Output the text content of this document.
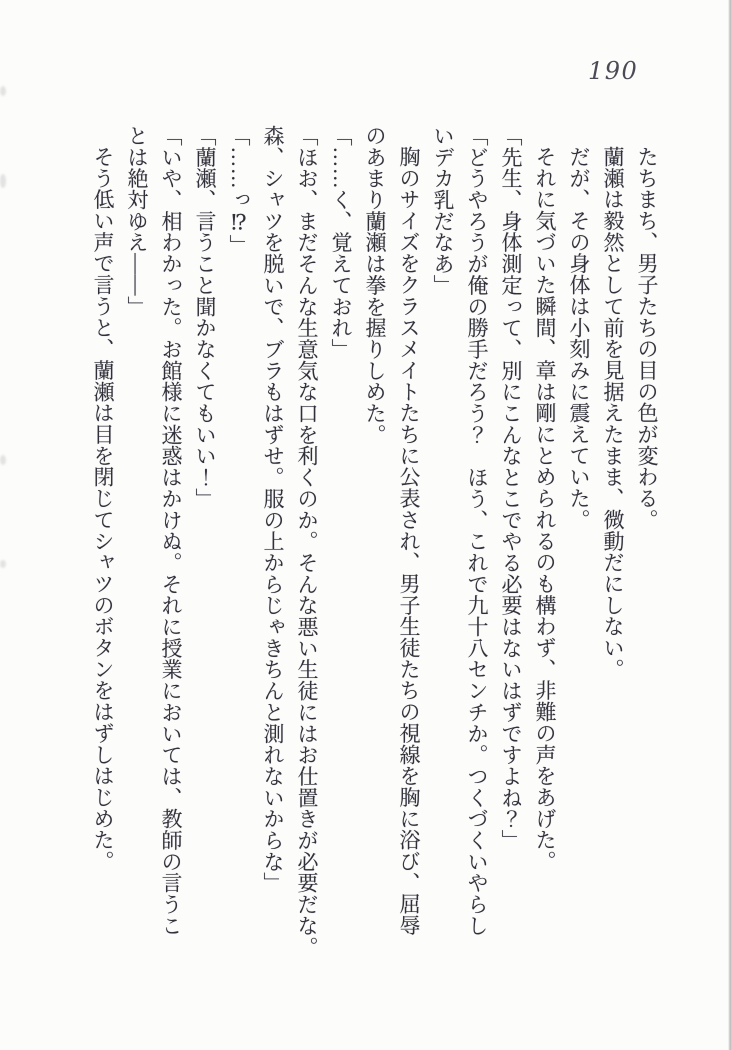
190
たちまち、男子たちの目の色が変わる。
蘭瀬は毅然として前を見据えたまま、微動だにしない。
だが、その身体は小刻みに震えていた。
それに気づいた瞬間、章は剛にとめられるのも構わず、非難の声をあげた。
「先生、身体測定って、別にこんなとこでやる必要はないはずですよね？」
「どうやろうが俺の勝手だろう？　ほう、これで九十八センチか。つくづくいやらし
いデカ乳だなあ」
胸のサイズをクラスメイトたちに公表され、男子生徒たちの視線を胸に浴び、屈辱
のあまり蘭瀬は拳を握りしめた。
「……く、覚えておれ」
「ほお、まだそんな生意気な口を利くのか。そんな悪い生徒にはお仕置きが必要だな。
森、シャツを脱いで、ブラもはずせ。服の上からじゃきちんと測れないからな」
「……っ⁉」
「蘭瀬、言うこと聞かなくてもいい！」
「いや、相わかった。お館様に迷惑はかけぬ。それに授業においては、教師の言うこ
とは絶対ゆえ――」
そう低い声で言うと、蘭瀬は目を閉じてシャツのボタンをはずしはじめた。
